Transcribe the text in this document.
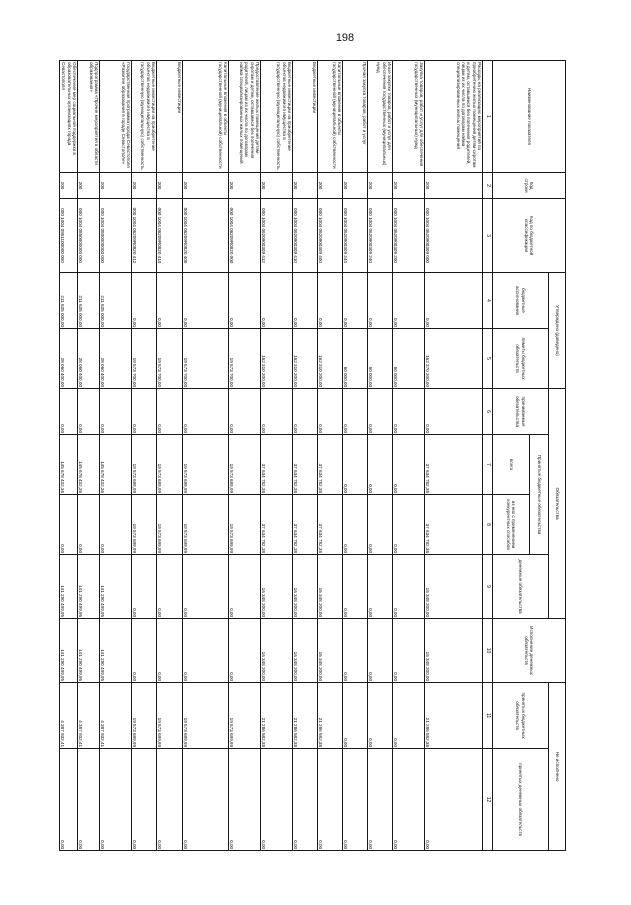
198
Наименование показателя	Код строки	Код по бюджетной классификации	Утверждено (доведено)		Обязательства				Исполнение денежных обязательств	Не исполнено	
			бюджетные ассигнования	лимиты бюджетных обязательств	принимаемые обязательства	Принятые бюджетные обязательства		денежные обязательства		принятых бюджетных обязательств	принятых денежных обязательств
						всего	из них с применением конкурентных способов				
1	2	3	4	5	6	7	8	9	10	11	12
Расходы на реализацию мероприятий по приобретению жилых помещений детям-сиротам и детям, оставшимся без попечения родителей, лицам из их числа по договорам найма специализированных жилых помещений	200	000 1004 0620900309 000	0,00	162 370 200,00	0,00	37 634 782,38	37 634 782,38	16 348 200,00	16 348 200,00	21 286 582,38	0,00
Закупка товаров, работ и услуг для обеспечения государственных (муниципальных) нужд	200	000 1004 0620900309 200	0,00	60 000,00	0,00	0,00	0,00	0,00	0,00	0,00	0,00
Иные закупки товаров, работ и услуг для обеспечения государственных (муниципальных) нужд	200	000 1004 0620900309 240	0,00	60 000,00	0,00	0,00	0,00	0,00	0,00	0,00	0,00
Прочая закупка товаров, работ и услуг	200	000 1004 0620900309 244	0,00	60 000,00	0,00	0,00	0,00	0,00	0,00	0,00	0,00
Капитальные вложения в объекты государственной (муниципальной) собственности	200	000 1004 0620900309 400	0,00	162 310 200,00	0,00	37 634 782,38	37 634 782,38	16 348 200,00	16 348 200,00	21 286 582,38	0,00
Бюджетные инвестиции	200	000 1004 0620900309 410	0,00	162 310 200,00	0,00	37 634 782,38	37 634 782,38	16 348 200,00	16 348 200,00	21 286 582,38	0,00
Бюджетные инвестиции на приобретение объектов недвижимого имущества в государственную (муниципальную) собственность	200	000 1004 0620900309 412	0,00	162 310 200,00	0,00	37 634 782,38	37 634 782,38	16 348 200,00	16 348 200,00	21 286 582,38	0,00
Предоставление жилых помещений детям-сиротам и детям, оставшимся без попечения родителей, лицам из их числа по договорам найма специализированных жилых помещений	200	000 1004 06209R0820 000	0,00	19 573 700,00	0,00	19 573 699,99	19 573 699,99	0,00	0,00	19 573 699,99	0,00
Капитальные вложения в объекты государственной (муниципальной) собственности	200	000 1004 06209R0820 400	0,00	19 573 700,00	0,00	19 573 699,99	19 573 699,99	0,00	0,00	19 573 699,99	0,00
Бюджетные инвестиции	200	000 1004 06209R0820 410	0,00	19 573 700,00	0,00	19 573 699,99	19 573 699,99	0,00	0,00	19 573 699,99	0,00
Бюджетные инвестиции на приобретение объектов недвижимого имущества в государственную (муниципальную) собственность	200	000 1004 06209R0820 412	0,00	19 573 700,00	0,00	19 573 699,99	19 573 699,99	0,00	0,00	19 573 699,99	0,00
Государственная программа города Севастополя «Развитие образования в городе Севастополе»	200	000 1004 0800000000 000	211 635 000,00	28 060 400,00	0,00	145 678 432,36	0,00	141 290 499,95	141 290 499,95	4 387 932,41	0,00
Подпрограмма «Прочие мероприятия в области образования»	200	000 1004 0850000000 000	211 635 000,00	28 060 400,00	0,00	145 678 432,36	0,00	141 290 499,95	141 290 499,95	4 387 932,41	0,00
Обеспечение мер социальной поддержки в образовательных организациях города Севастополя	200	000 1004 0851100000 000	211 635 000,00	28 060 400,00	0,00	145 678 432,36	0,00	141 290 499,95	141 290 499,95	4 387 932,41	0,00
